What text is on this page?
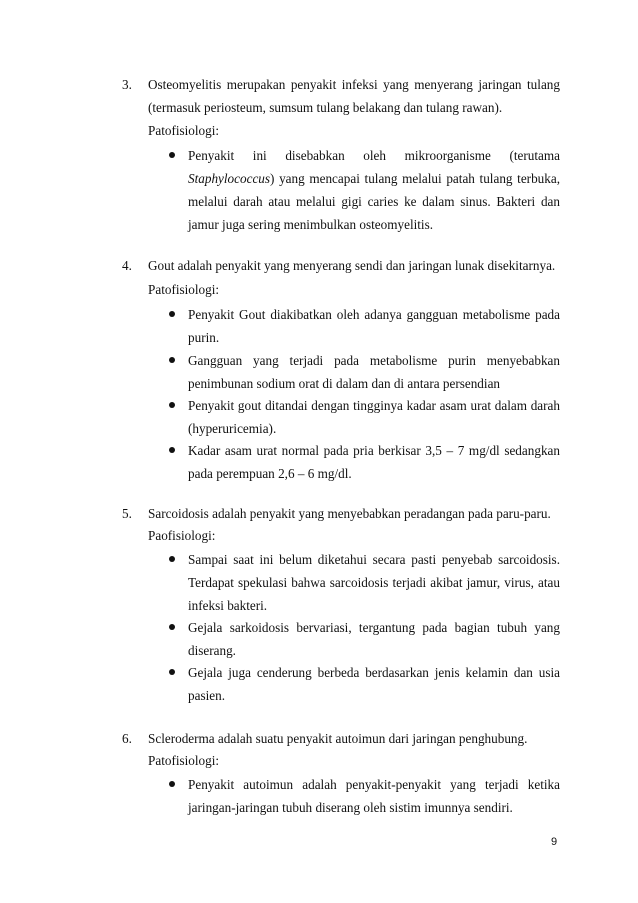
3. Osteomyelitis merupakan penyakit infeksi yang menyerang jaringan tulang (termasuk periosteum, sumsum tulang belakang dan tulang rawan).
Patofisiologi:
Penyakit ini disebabkan oleh mikroorganisme (terutama Staphylococcus) yang mencapai tulang melalui patah tulang terbuka, melalui darah atau melalui gigi caries ke dalam sinus. Bakteri dan jamur juga sering menimbulkan osteomyelitis.
4. Gout adalah penyakit yang menyerang sendi dan jaringan lunak disekitarnya.
Patofisiologi:
Penyakit Gout diakibatkan oleh adanya gangguan metabolisme pada purin.
Gangguan yang terjadi pada metabolisme purin menyebabkan penimbunan sodium orat di dalam dan di antara persendian
Penyakit gout ditandai dengan tingginya kadar asam urat dalam darah (hyperuricemia).
Kadar asam urat normal pada pria berkisar 3,5 – 7 mg/dl sedangkan pada perempuan 2,6 – 6 mg/dl.
5. Sarcoidosis adalah penyakit yang menyebabkan peradangan pada paru-paru.
Paofisiologi:
Sampai saat ini belum diketahui secara pasti penyebab sarcoidosis. Terdapat spekulasi bahwa sarcoidosis terjadi akibat jamur, virus, atau infeksi bakteri.
Gejala sarkoidosis bervariasi, tergantung pada bagian tubuh yang diserang.
Gejala juga cenderung berbeda berdasarkan jenis kelamin dan usia pasien.
6. Scleroderma adalah suatu penyakit autoimun dari jaringan penghubung.
Patofisiologi:
Penyakit autoimun adalah penyakit-penyakit yang terjadi ketika jaringan-jaringan tubuh diserang oleh sistim imunnya sendiri.
9
